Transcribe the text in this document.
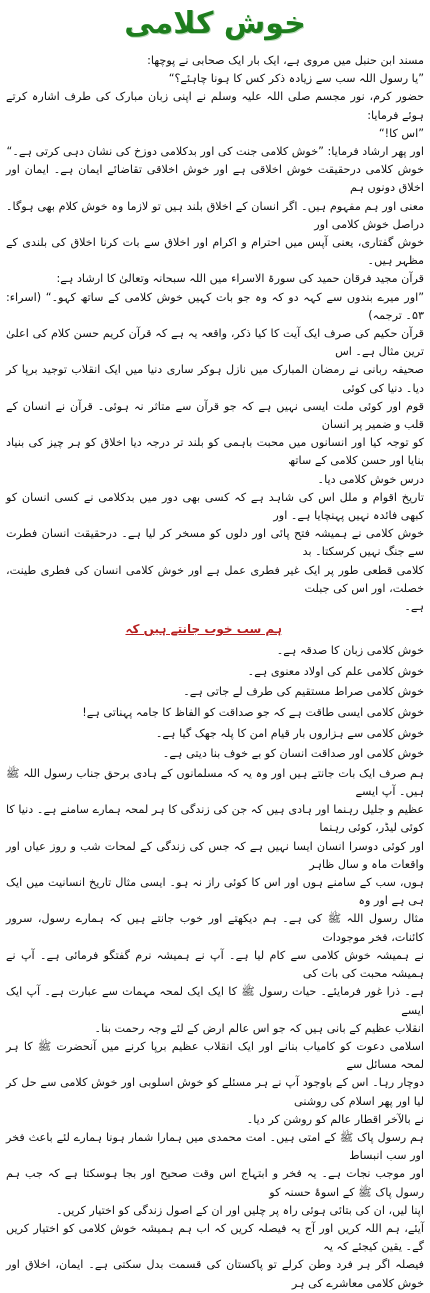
خوش کلامی
مسند ابن حنبل میں مروی ہے، ایک بار ایک صحابی نے پوچھا:
”یا رسول اللہ سب سے زیادہ ذکر کس کا ہونا چاہئے؟“
حضور کرم، نور مجسم صلی اللہ علیہ وسلم نے اپنی زبان مبارک کی طرف اشارہ کرتے ہوئے فرمایا:
”اس کا!“
اور پھر ارشاد فرمایا: ”خوش کلامی جنت کی اور بدکلامی دوزخ کی نشان دہی کرتی ہے۔“
خوش کلامی درحقیقت خوش اخلاقی ہے اور خوش اخلاقی تقاضائے ایمان ہے۔ ایمان اور اخلاق دونوں ہم
معنی اور ہم مفہوم ہیں۔ اگر انسان کے اخلاق بلند ہیں تو لازما وہ خوش کلام بھی ہوگا۔ دراصل خوش کلامی اور
خوش گفتاری، یعنی آپس میں احترام و اکرام اور اخلاق سے بات کرنا اخلاق کی بلندی کے مظہر ہیں۔
قرآن مجید فرقان حمید کی سورۃ الاسراء میں اللہ سبحانہ وتعالیٰ کا ارشاد ہے:
”اور میرے بندوں سے کہہ دو کہ وہ جو بات کہیں خوش کلامی کے ساتھ کہو۔“ (اسراء: ۵۳۔ ترجمہ)
قرآن حکیم کی صرف ایک آیت کا کیا ذکر، واقعہ یہ ہے کہ قرآن کریم حسن کلام کی اعلیٰ ترین مثال ہے۔ اس
صحیفہ ربانی نے رمضان المبارک میں نازل ہوکر ساری دنیا میں ایک انقلاب توجید برپا کر دیا۔ دنیا کی کوئی
قوم اور کوئی ملت ایسی نہیں ہے کہ جو قرآن سے متاثر نہ ہوئی۔ قرآن نے انسان کے قلب و ضمیر پر انسان
کو توجہ کیا اور انسانوں میں محبت باہمی کو بلند تر درجہ دیا اخلاق کو ہر چیز کی بنیاد بنایا اور حسن کلامی کے ساتھ
درس خوش کلامی دیا۔
تاریخ اقوام و ملل اس کی شاہد ہے کہ کسی بھی دور میں بدکلامی نے کسی انسان کو کبھی فائدہ نہیں پہنچایا ہے۔ اور
خوش کلامی نے ہمیشہ فتح پائی اور دلوں کو مسخر کر لیا ہے۔ درحقیقت انسان فطرت سے جنگ نہیں کرسکتا۔ بد
کلامی قطعی طور پر ایک غیر فطری عمل ہے اور خوش کلامی انسان کی فطری طینت، خصلت، اور اس کی جبلت
ہے۔
ہم سب خوب جانتے ہیں کہ
خوش کلامی زبان کا صدقہ ہے۔
خوش کلامی علم کی اولاد معنوی ہے۔
خوش کلامی صراط مستقیم کی طرف لے جاتی ہے۔
خوش کلامی ایسی طاقت ہے کہ جو صداقت کو الفاظ کا جامہ پہناتی ہے!
خوش کلامی سے ہزاروں بار قیام امن کا پلہ جھک گیا ہے۔
خوش کلامی اور صداقت انسان کو بے خوف بنا دیتی ہے۔
ہم صرف ایک بات جانتے ہیں اور وہ یہ کہ مسلمانوں کے ہادی برحق جناب رسول اللہ ﷺ ہیں۔ آپ ایسے
عظیم و جلیل رہنما اور ہادی ہیں کہ جن کی زندگی کا ہر لمحہ ہمارے سامنے ہے۔ دنیا کا کوئی لیڈر، کوئی رہنما
اور کوئی دوسرا انسان ایسا نہیں ہے کہ جس کی زندگی کے لمحات شب و روز عیاں اور واقعات ماہ و سال ظاہر
ہوں، سب کے سامنے ہوں اور اس کا کوئی راز نہ ہو۔ ایسی مثال تاریخ انسانیت میں ایک ہی ہے اور وہ
مثال رسول اللہ ﷺ کی ہے۔ ہم دیکھتے اور خوب جانتے ہیں کہ ہمارے رسول، سرور کائنات، فخر موجودات
نے ہمیشہ خوش کلامی سے کام لیا ہے۔ آپ نے ہمیشہ نرم گفتگو فرمائی ہے۔ آپ نے ہمیشہ محبت کی بات کی
ہے۔ ذرا غور فرمایئے۔ حیات رسول ﷺ کا ایک ایک لمحہ مہمات سے عبارت ہے۔ آپ ایک ایسے
انقلاب عظیم کے بانی ہیں کہ جو اس عالم ارض کے لئے وجہ رحمت بنا۔
اسلامی دعوت کو کامیاب بنانے اور ایک انقلاب عظیم برپا کرنے میں آنحضرت ﷺ کا ہر لمحہ مسائل سے
دوچار رہا۔ اس کے باوجود آپ نے ہر مسئلے کو خوش اسلوبی اور خوش کلامی سے حل کر لیا اور پھر اسلام کی روشنی
نے بالآخر اقطار عالم کو روشن کر دیا۔
ہم رسول پاک ﷺ کے امتی ہیں۔ امت محمدی میں ہمارا شمار ہونا ہمارے لئے باعث فخر اور سب انبساط
اور موجب نجات ہے۔ یہ فخر و ابتہاج اس وقت صحیح اور بجا ہوسکتا ہے کہ جب ہم رسول پاک ﷺ کے اسوۂ حسنہ کو
اپنا لیں، ان کی بتائی ہوئی راہ پر چلیں اور ان کے اصول زندگی کو اختیار کریں۔
آیئے، ہم اللہ کریں اور آج یہ فیصلہ کریں کہ اب ہم ہمیشہ خوش کلامی کو اختیار کریں گے۔ یقین کیجئے کہ یہ
فیصلہ اگر ہر فرد وطن کرلے تو پاکستان کی قسمت بدل سکتی ہے۔ ایمان، اخلاق اور خوش کلامی معاشرے کی ہر
